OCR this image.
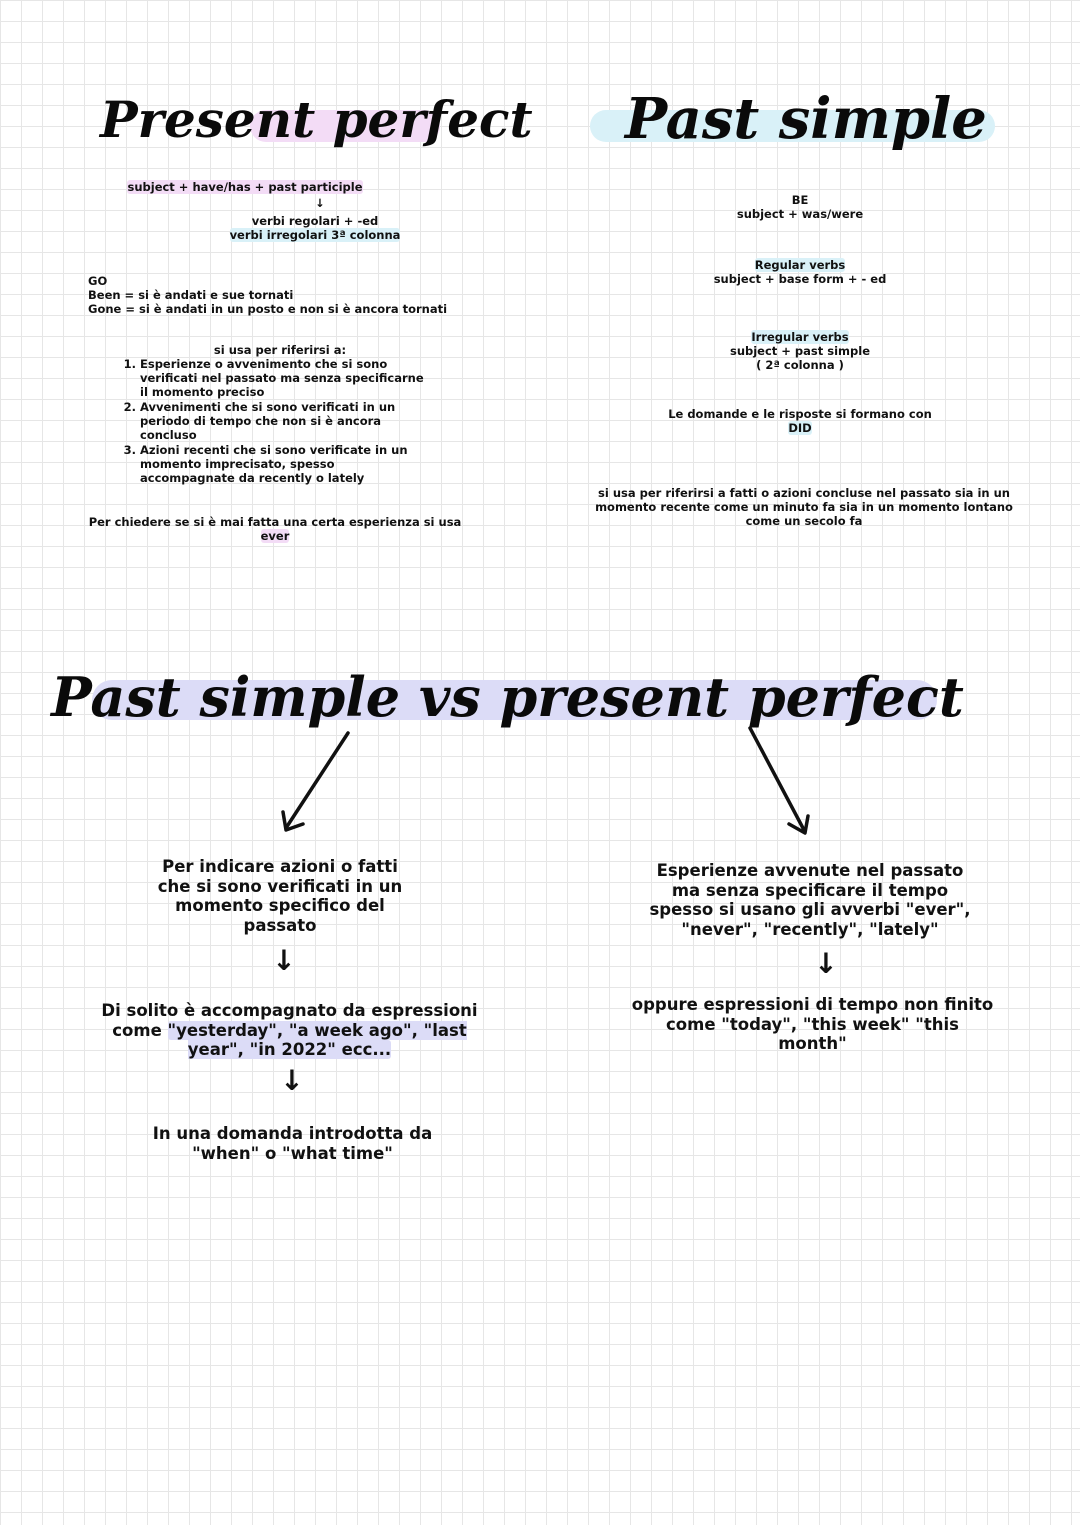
Present perfect
subject + have/has + past participle
↓
verbi regolari + -ed
verbi irregolari 3ª colonna
GO
Been = si è andati e sue tornati
Gone = si è andati in un posto e non si è ancora tornati
si usa per riferirsi a:
1. Esperienze o avvenimento che si sono verificati nel passato ma senza specificarne il momento preciso
2. Avvenimenti che si sono verificati in un periodo di tempo che non si è ancora concluso
3. Azioni recenti che si sono verificate in un momento imprecisato, spesso accompagnate da recently o lately
Per chiedere se si è mai fatta una certa esperienza si usa
ever
Past simple
BE
subject + was/were
Regular verbs
subject + base form + - ed
Irregular verbs
subject + past simple
( 2ª colonna )
Le domande e le risposte si formano con
DID
si usa per riferirsi a fatti o azioni concluse nel passato sia in un momento recente come un minuto fa sia in un momento lontano come un secolo fa
Past simple vs present perfect
Per indicare azioni o fatti che si sono verificati in un momento specifico del passato
↓
Di solito è accompagnato da espressioni come "yesterday", "a week ago", "last year", "in 2022" ecc...
↓
In una domanda introdotta da "when" o "what time"
Esperienze avvenute nel passato ma senza specificare il tempo spesso si usano gli avverbi "ever", "never", "recently", "lately"
↓
oppure espressioni di tempo non finito come "today", "this week" "this month"
